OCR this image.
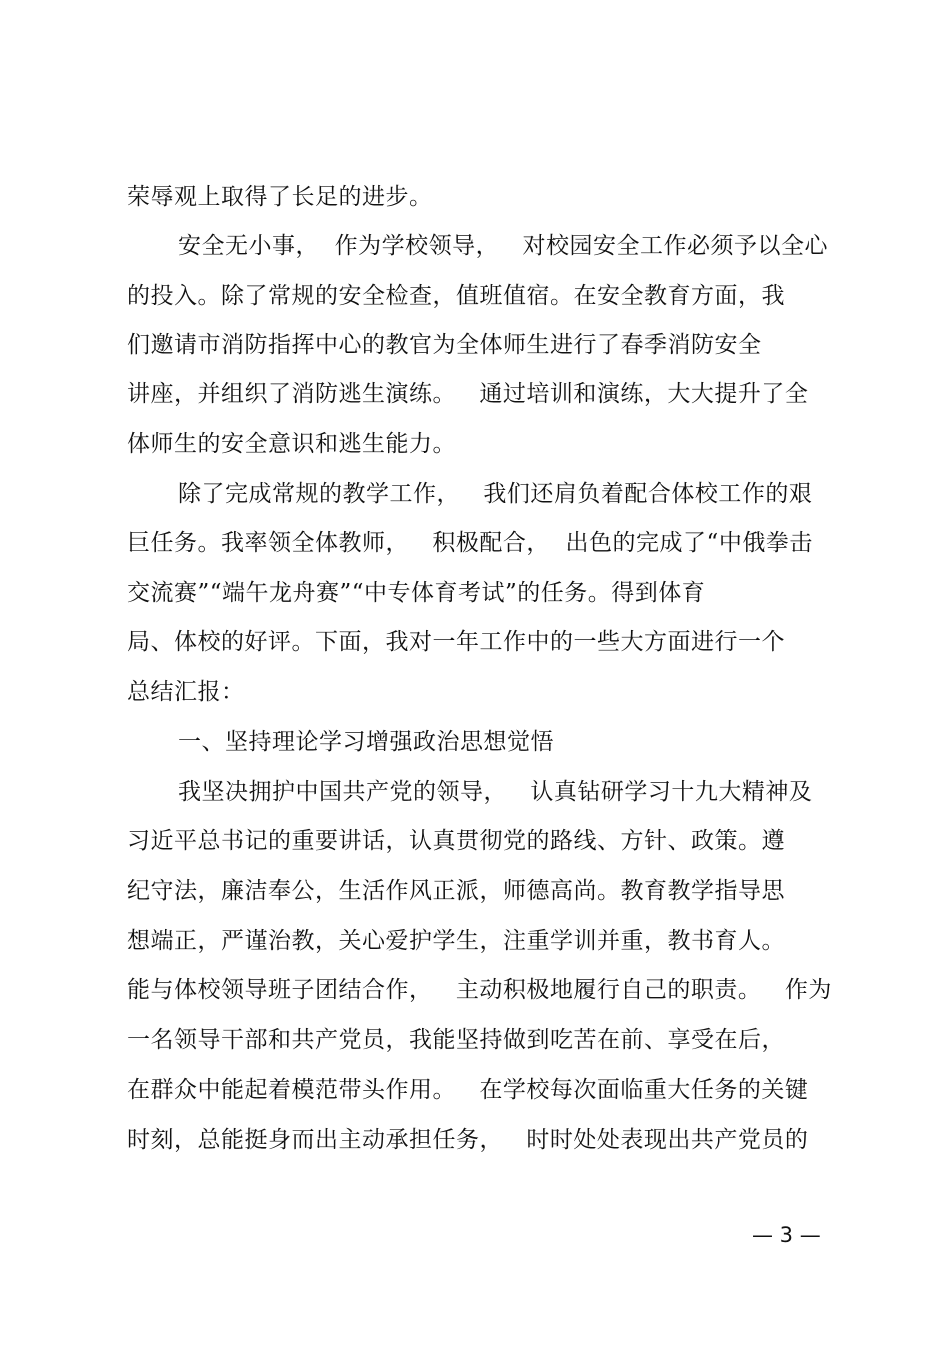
荣辱观上取得了长足的进步。
安全无小事，  作为学校领导，   对校园安全工作必须予以全心
的投入。除了常规的安全检查，值班值宿。在安全教育方面，我
们邀请市消防指挥中心的教官为全体师生进行了春季消防安全
讲座，并组织了消防逃生演练。   通过培训和演练，大大提升了全
体师生的安全意识和逃生能力。
除了完成常规的教学工作，   我们还肩负着配合体校工作的艰
巨任务。我率领全体教师，   积极配合，  出色的完成了“中俄拳击
交流赛”“端午龙舟赛”“中专体育考试”的任务。得到体育
局、体校的好评。下面，我对一年工作中的一些大方面进行一个
总结汇报：
一、坚持理论学习增强政治思想觉悟
我坚决拥护中国共产党的领导，   认真钻研学习十九大精神及
习近平总书记的重要讲话，认真贯彻党的路线、方针、政策。遵
纪守法，廉洁奉公，生活作风正派，师德高尚。教育教学指导思
想端正，严谨治教，关心爱护学生，注重学训并重，教书育人。
能与体校领导班子团结合作，   主动积极地履行自己的职责。   作为
一名领导干部和共产党员，我能坚持做到吃苦在前、享受在后，
在群众中能起着模范带头作用。   在学校每次面临重大任务的关键
时刻，总能挺身而出主动承担任务，   时时处处表现出共产党员的
— 3 —
